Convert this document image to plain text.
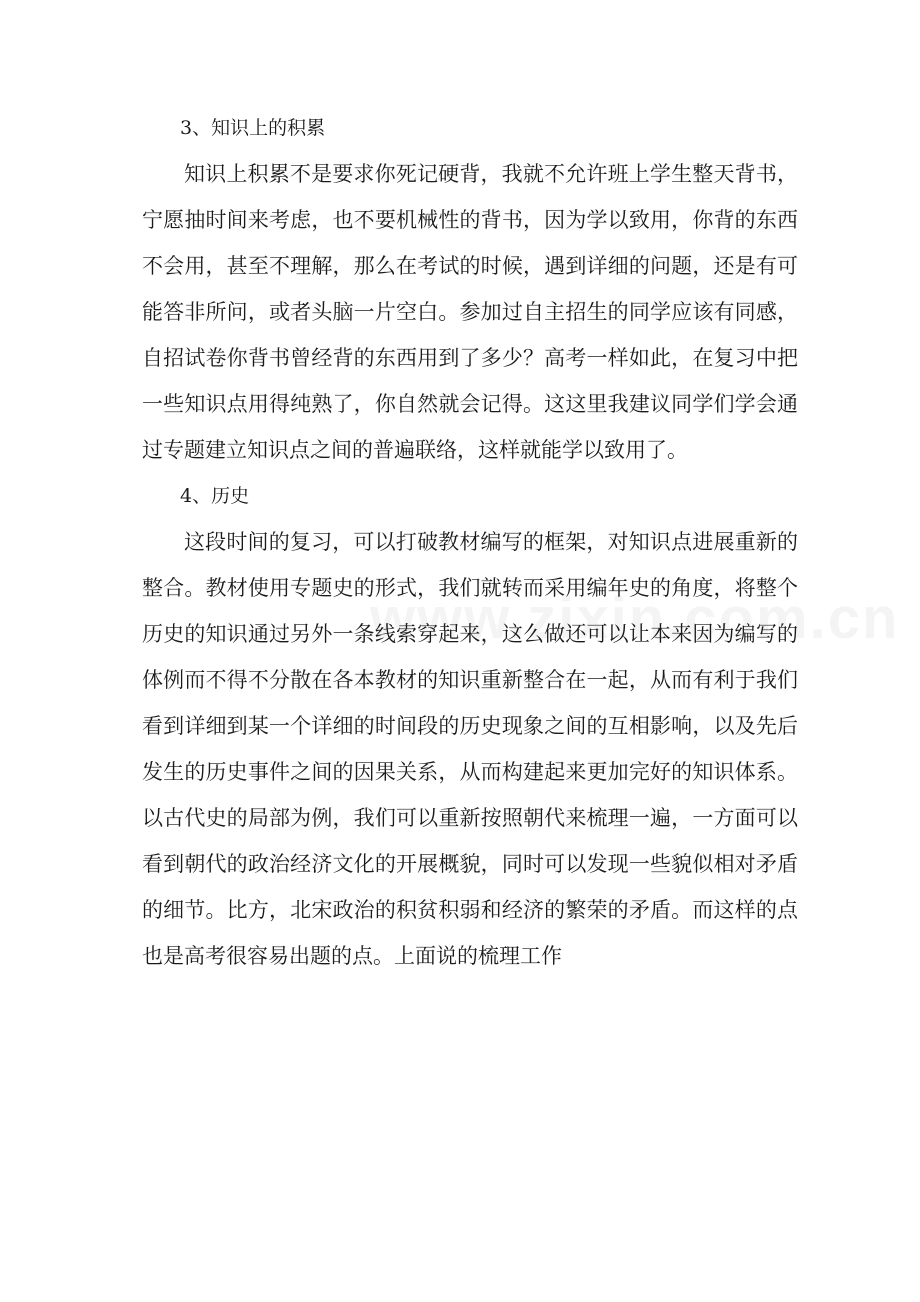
3、知识上的积累

知识上积累不是要求你死记硬背，我就不允许班上学生整天背书，宁愿抽时间来考虑，也不要机械性的背书，因为学以致用，你背的东西不会用，甚至不理解，那么在考试的时候，遇到详细的问题，还是有可能答非所问，或者头脑一片空白。参加过自主招生的同学应该有同感，自招试卷你背书曾经背的东西用到了多少？高考一样如此，在复习中把一些知识点用得纯熟了，你自然就会记得。这这里我建议同学们学会通过专题建立知识点之间的普遍联络，这样就能学以致用了。

4、历史

这段时间的复习，可以打破教材编写的框架，对知识点进展重新的整合。教材使用专题史的形式，我们就转而采用编年史的角度，将整个历史的知识通过另外一条线索穿起来，这么做还可以让本来因为编写的体例而不得不分散在各本教材的知识重新整合在一起，从而有利于我们看到详细到某一个详细的时间段的历史现象之间的互相影响，以及先后发生的历史事件之间的因果关系，从而构建起来更加完好的知识体系。以古代史的局部为例，我们可以重新按照朝代来梳理一遍，一方面可以看到朝代的政治经济文化的开展概貌，同时可以发现一些貌似相对矛盾的细节。比方，北宋政治的积贫积弱和经济的繁荣的矛盾。而这样的点也是高考很容易出题的点。上面说的梳理工作
